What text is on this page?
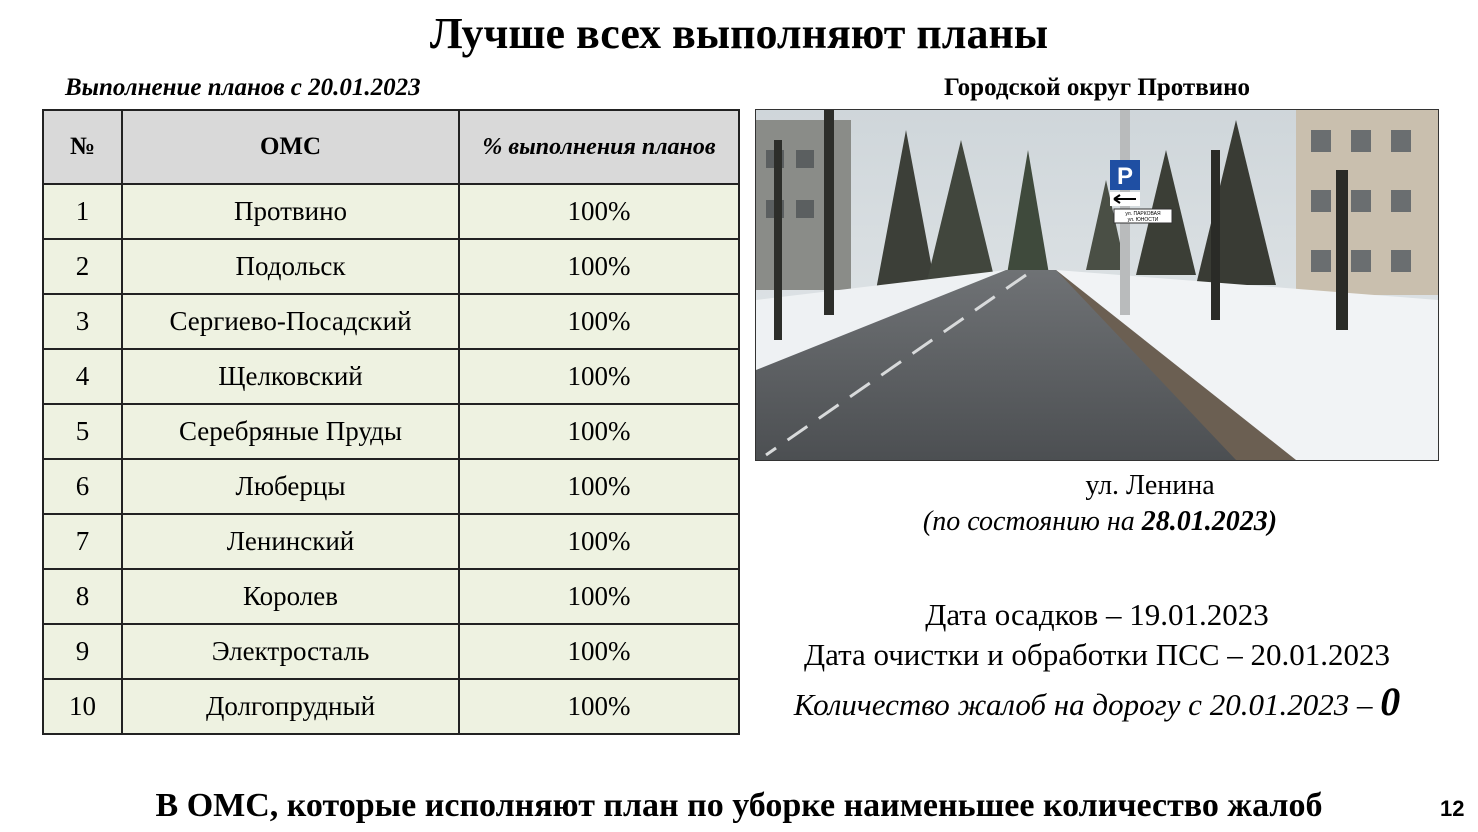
Лучше всех выполняют планы
Выполнение планов с 20.01.2023	Городской округ Протвино
№	ОМС	% выполнения планов
1	Протвино	100%
2	Подольск	100%
3	Сергиево-Посадский	100%
4	Щелковский	100%
5	Серебряные Пруды	100%
6	Люберцы	100%
7	Ленинский	100%
8	Королев	100%
9	Электросталь	100%
10	Долгопрудный	100%
P
ул. ПАРКОВАЯ
ул. ЮНОСТИ
ул. Ленина
(по состоянию на 28.01.2023)
Дата осадков – 19.01.2023
Дата очистки и обработки ПСС – 20.01.2023
Количество жалоб на дорогу с 20.01.2023 – 0
В ОМС, которые исполняют план по уборке наименьшее количество жалоб	12
